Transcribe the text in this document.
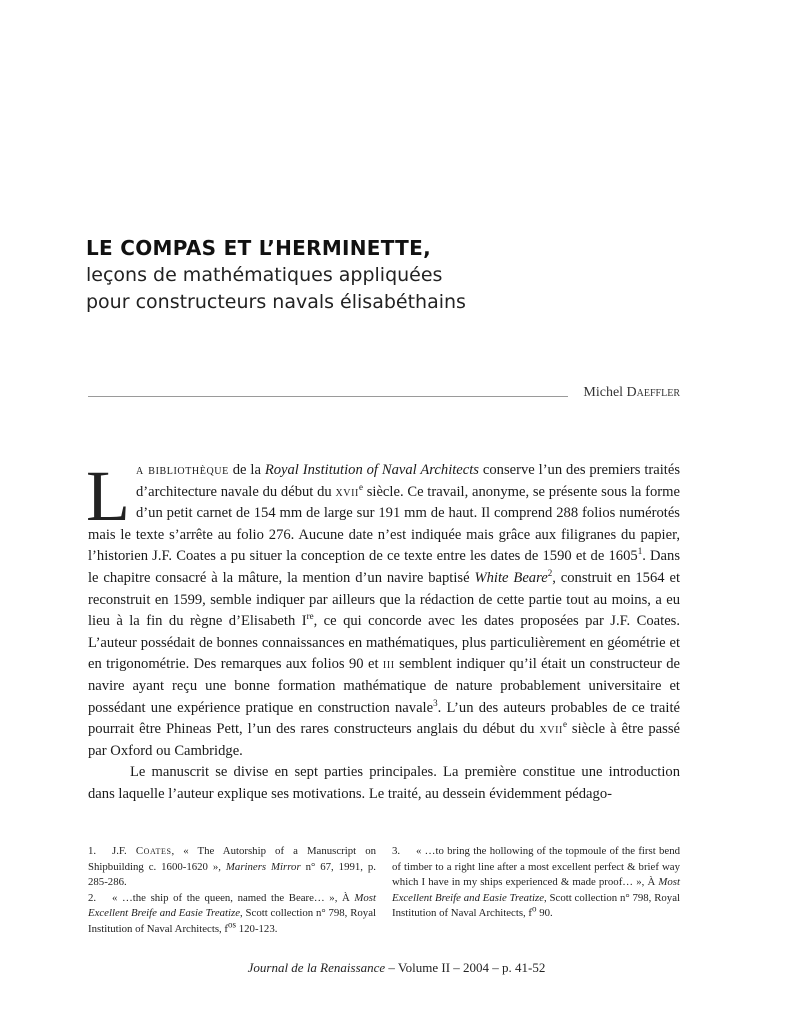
LE COMPAS ET L’HERMINETTE,
leçons de mathématiques appliquées
pour constructeurs navals élisabéthains
Michel Daeffler

La bibliothèque de la Royal Institution of Naval Architects conserve l’un des premiers traités d’architecture navale du début du xvii$^e$ siècle. Ce travail, anonyme, se présente sous la forme d’un petit carnet de 154 mm de large sur 191 mm de haut. Il comprend 288 folios numérotés mais le texte s’arrête au folio 276. Aucune date n’est indiquée mais grâce aux filigranes du papier, l’historien J.F. Coates a pu situer la conception de ce texte entre les dates de 1590 et de 1605$^1$. Dans le chapitre consacré à la mâture, la mention d’un navire baptisé White Beare$^2$, construit en 1564 et reconstruit en 1599, semble indiquer par ailleurs que la rédaction de cette partie tout au moins, a eu lieu à la fin du règne d’Elisabeth Ire, ce qui concorde avec les dates proposées par J.F. Coates. L’auteur possédait de bonnes connaissances en mathématiques, plus particulièrement en géométrie et en trigonométrie. Des remarques aux folios 90 et iii semblent indiquer qu’il était un constructeur de navire ayant reçu une bonne formation mathématique de nature probablement universitaire et possédant une expérience pratique en construction navale$^3$. L’un des auteurs probables de ce traité pourrait être Phineas Pett, l’un des rares constructeurs anglais du début du xvii$^e$ siècle à être passé par Oxford ou Cambridge.

Le manuscrit se divise en sept parties principales. La première constitue une introduction dans laquelle l’auteur explique ses motivations. Le traité, au dessein évidemment pédago-

1. J.F. Coates, « The Autorship of a Manuscript on Shipbuilding c. 1600-1620 », Mariners Mirror n° 67, 1991, p. 285-286.

2. « …the ship of the queen, named the Beare… », À Most Excellent Breife and Easie Treatize, Scott collection n° 798, Royal Institution of Naval Architects, $f^{os}$ 120-123.

3. « …to bring the hollowing of the topmoule of the first bend of timber to a right line after a most excellent perfect & brief way which I have in my ships experienced & made proof… », À Most Excellent Breife and Easie Treatize, Scott collection n° 798, Royal Institution of Naval Architects, $f^o$ 90.

Journal de la Renaissance – Volume II – 2004 – p. 41-52
